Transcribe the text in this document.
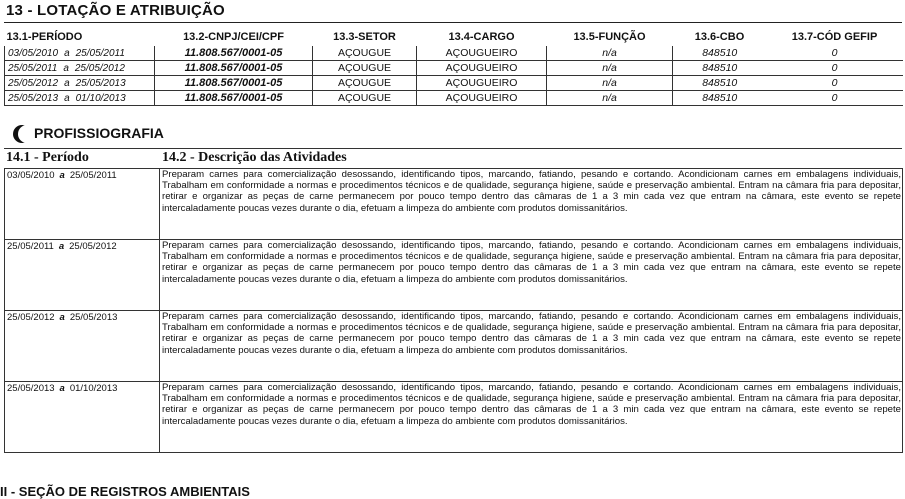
13 - LOTAÇÃO E ATRIBUIÇÃO
13.1-PERÍODO	13.2-CNPJ/CEI/CPF	13.3-SETOR	13.4-CARGO	13.5-FUNÇÃO	13.6-CBO	13.7-CÓD GEFIP
03/05/2010 a 25/05/2011	11.808.567/0001-05	AÇOUGUE	AÇOUGUEIRO	n/a	848510	0
25/05/2011 a 25/05/2012	11.808.567/0001-05	AÇOUGUE	AÇOUGUEIRO	n/a	848510	0
25/05/2012 a 25/05/2013	11.808.567/0001-05	AÇOUGUE	AÇOUGUEIRO	n/a	848510	0
25/05/2013 a 01/10/2013	11.808.567/0001-05	AÇOUGUE	AÇOUGUEIRO	n/a	848510	0
PROFISSIOGRAFIA
14.1 - Período	14.2 - Descrição das Atividades
03/05/2010 a 25/05/2011	Preparam carnes para comercialização desossando, identificando tipos, marcando, fatiando, pesando e cortando. Acondicionam carnes em embalagens individuais, Trabalham em conformidade a normas e procedimentos técnicos e de qualidade, segurança higiene, saúde e preservação ambiental. Entram na câmara fria para depositar, retirar e organizar as peças de carne permanecem por pouco tempo dentro das câmaras de 1 a 3 min cada vez que entram na câmara, este evento se repete intercaladamente poucas vezes durante o dia, efetuam a limpeza do ambiente com produtos domissanitários.
25/05/2011 a 25/05/2012	Preparam carnes para comercialização desossando, identificando tipos, marcando, fatiando, pesando e cortando. Acondicionam carnes em embalagens individuais, Trabalham em conformidade a normas e procedimentos técnicos e de qualidade, segurança higiene, saúde e preservação ambiental. Entram na câmara fria para depositar, retirar e organizar as peças de carne permanecem por pouco tempo dentro das câmaras de 1 a 3 min cada vez que entram na câmara, este evento se repete intercaladamente poucas vezes durante o dia, efetuam a limpeza do ambiente com produtos domissanitários.
25/05/2012 a 25/05/2013	Preparam carnes para comercialização desossando, identificando tipos, marcando, fatiando, pesando e cortando. Acondicionam carnes em embalagens individuais, Trabalham em conformidade a normas e procedimentos técnicos e de qualidade, segurança higiene, saúde e preservação ambiental. Entram na câmara fria para depositar, retirar e organizar as peças de carne permanecem por pouco tempo dentro das câmaras de 1 a 3 min cada vez que entram na câmara, este evento se repete intercaladamente poucas vezes durante o dia, efetuam a limpeza do ambiente com produtos domissanitários.
25/05/2013 a 01/10/2013	Preparam carnes para comercialização desossando, identificando tipos, marcando, fatiando, pesando e cortando. Acondicionam carnes em embalagens individuais, Trabalham em conformidade a normas e procedimentos técnicos e de qualidade, segurança higiene, saúde e preservação ambiental. Entram na câmara fria para depositar, retirar e organizar as peças de carne permanecem por pouco tempo dentro das câmaras de 1 a 3 min cada vez que entram na câmara, este evento se repete intercaladamente poucas vezes durante o dia, efetuam a limpeza do ambiente com produtos domissanitários.
II - SEÇÃO DE REGISTROS AMBIENTAIS
